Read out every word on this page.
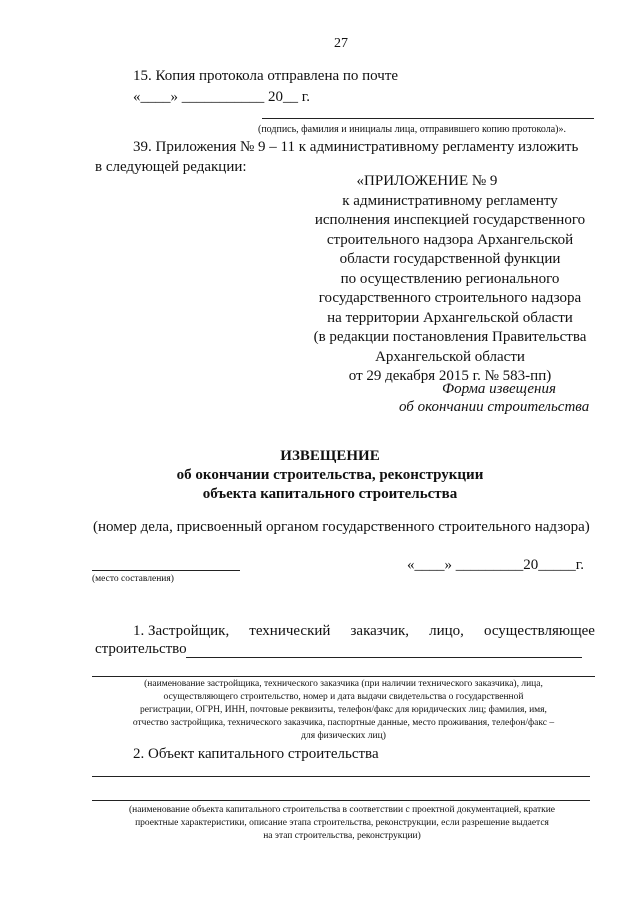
27
15. Копия протокола отправлена по почте
«____» ___________ 20__ г.
(подпись, фамилия и инициалы лица, отправившего копию протокола)».
39. Приложения № 9 – 11 к административному регламенту изложить
в следующей редакции:
«ПРИЛОЖЕНИЕ № 9
к административному регламенту
исполнения инспекцией государственного
строительного надзора Архангельской
области государственной функции
по осуществлению регионального
государственного строительного надзора
на территории Архангельской области
(в редакции постановления Правительства
Архангельской области
от 29 декабря 2015 г. № 583-пп)
Форма извещения
об окончании строительства
ИЗВЕЩЕНИЕ
об окончании строительства, реконструкции
объекта капитального строительства
(номер дела, присвоенный органом государственного строительного надзора)
(место составления)
«____» _________20_____г.
1. Застройщик, технический заказчик, лицо, осуществляющее
строительство
(наименование застройщика, технического заказчика (при наличии технического заказчика), лица,
осуществляющего строительство, номер и дата выдачи свидетельства о государственной
регистрации, ОГРН, ИНН, почтовые реквизиты, телефон/факс для юридических лиц; фамилия, имя,
отчество застройщика, технического заказчика, паспортные данные, место проживания, телефон/факс –
для физических лиц)
2. Объект капитального строительства
(наименование объекта капитального строительства в соответствии с проектной документацией, краткие
проектные характеристики, описание этапа строительства, реконструкции, если разрешение выдается
на этап строительства, реконструкции)
